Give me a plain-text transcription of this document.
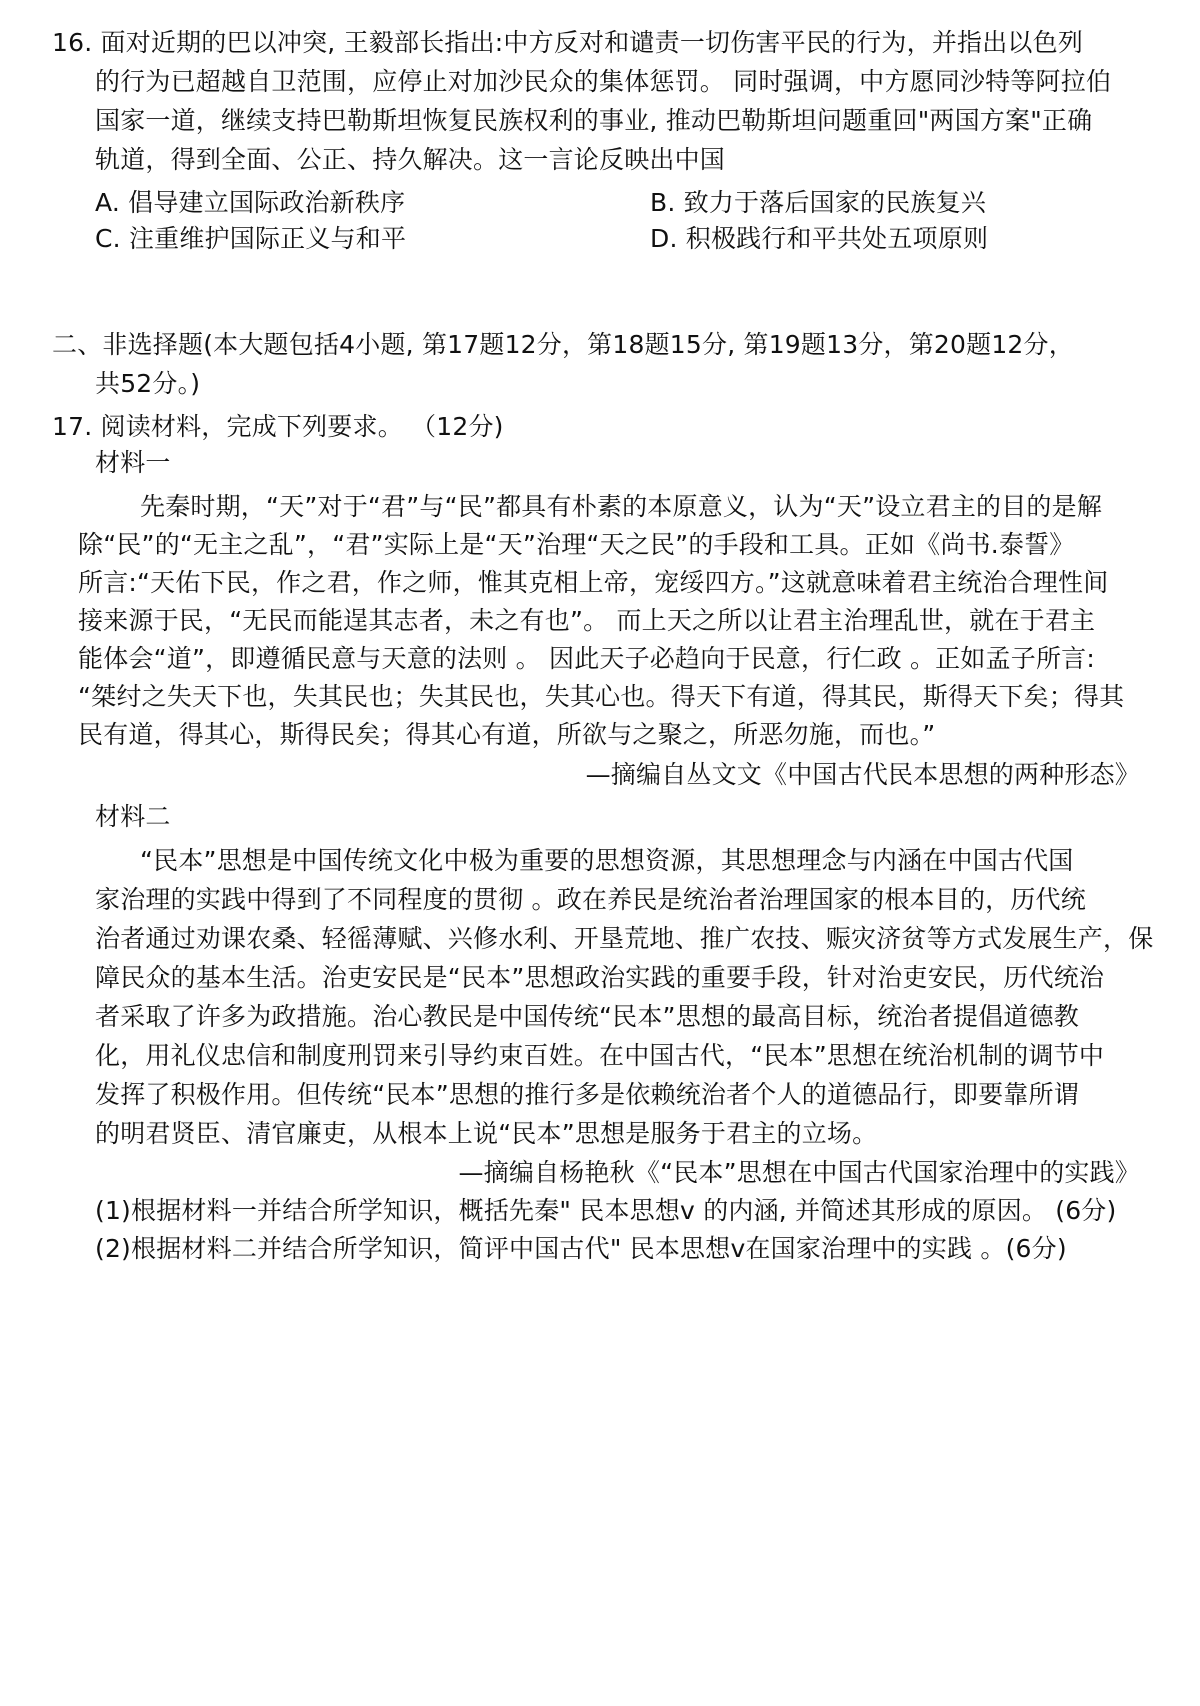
16. 面对近期的巴以冲突, 王毅部长指出:中方反对和谴责一切伤害平民的行为，并指出以色列
的行为已超越自卫范围，应停止对加沙民众的集体惩罚。 同时强调，中方愿同沙特等阿拉伯
国家一道，继续支持巴勒斯坦恢复民族权利的事业, 推动巴勒斯坦问题重回"两国方案"正确
轨道，得到全面、公正、持久解决。这一言论反映出中国
A. 倡导建立国际政治新秩序	B. 致力于落后国家的民族复兴
C. 注重维护国际正义与和平	D. 积极践行和平共处五项原则
二、非选择题(本大题包括4小题, 第17题12分，第18题15分, 第19题13分，第20题12分，
共52分。)
17. 阅读材料，完成下列要求。 （12分)
材料一
先秦时期，“天”对于“君”与“民”都具有朴素的本原意义，认为“天”设立君主的目的是解
除“民”的“无主之乱”，“君”实际上是“天”治理“天之民”的手段和工具。正如《尚书.泰誓》
所言:“天佑下民，作之君，作之师，惟其克相上帝，宠绥四方。”这就意味着君主统治合理性间
接来源于民，“无民而能逞其志者，未之有也”。 而上天之所以让君主治理乱世，就在于君主
能体会“道”，即遵循民意与天意的法则 。 因此天子必趋向于民意，行仁政 。正如孟子所言:
“桀纣之失天下也，失其民也；失其民也，失其心也。得天下有道，得其民，斯得天下矣；得其
民有道，得其心，斯得民矣；得其心有道，所欲与之聚之，所恶勿施，而也。”
—摘编自丛文文《中国古代民本思想的两种形态》
材料二
“民本”思想是中国传统文化中极为重要的思想资源，其思想理念与内涵在中国古代国
家治理的实践中得到了不同程度的贯彻 。政在养民是统治者治理国家的根本目的，历代统
治者通过劝课农桑、轻徭薄赋、兴修水利、开垦荒地、推广农技、赈灾济贫等方式发展生产，保
障民众的基本生活。治吏安民是“民本”思想政治实践的重要手段，针对治吏安民，历代统治
者采取了许多为政措施。治心教民是中国传统“民本”思想的最高目标，统治者提倡道德教
化，用礼仪忠信和制度刑罚来引导约束百姓。在中国古代，“民本”思想在统治机制的调节中
发挥了积极作用。但传统“民本”思想的推行多是依赖统治者个人的道德品行，即要靠所谓
的明君贤臣、清官廉吏，从根本上说“民本”思想是服务于君主的立场。
—摘编自杨艳秋《“民本”思想在中国古代国家治理中的实践》
(1)根据材料一并结合所学知识，概括先秦" 民本思想v 的内涵, 并简述其形成的原因。 (6分)
(2)根据材料二并结合所学知识，简评中国古代" 民本思想v在国家治理中的实践 。(6分)
